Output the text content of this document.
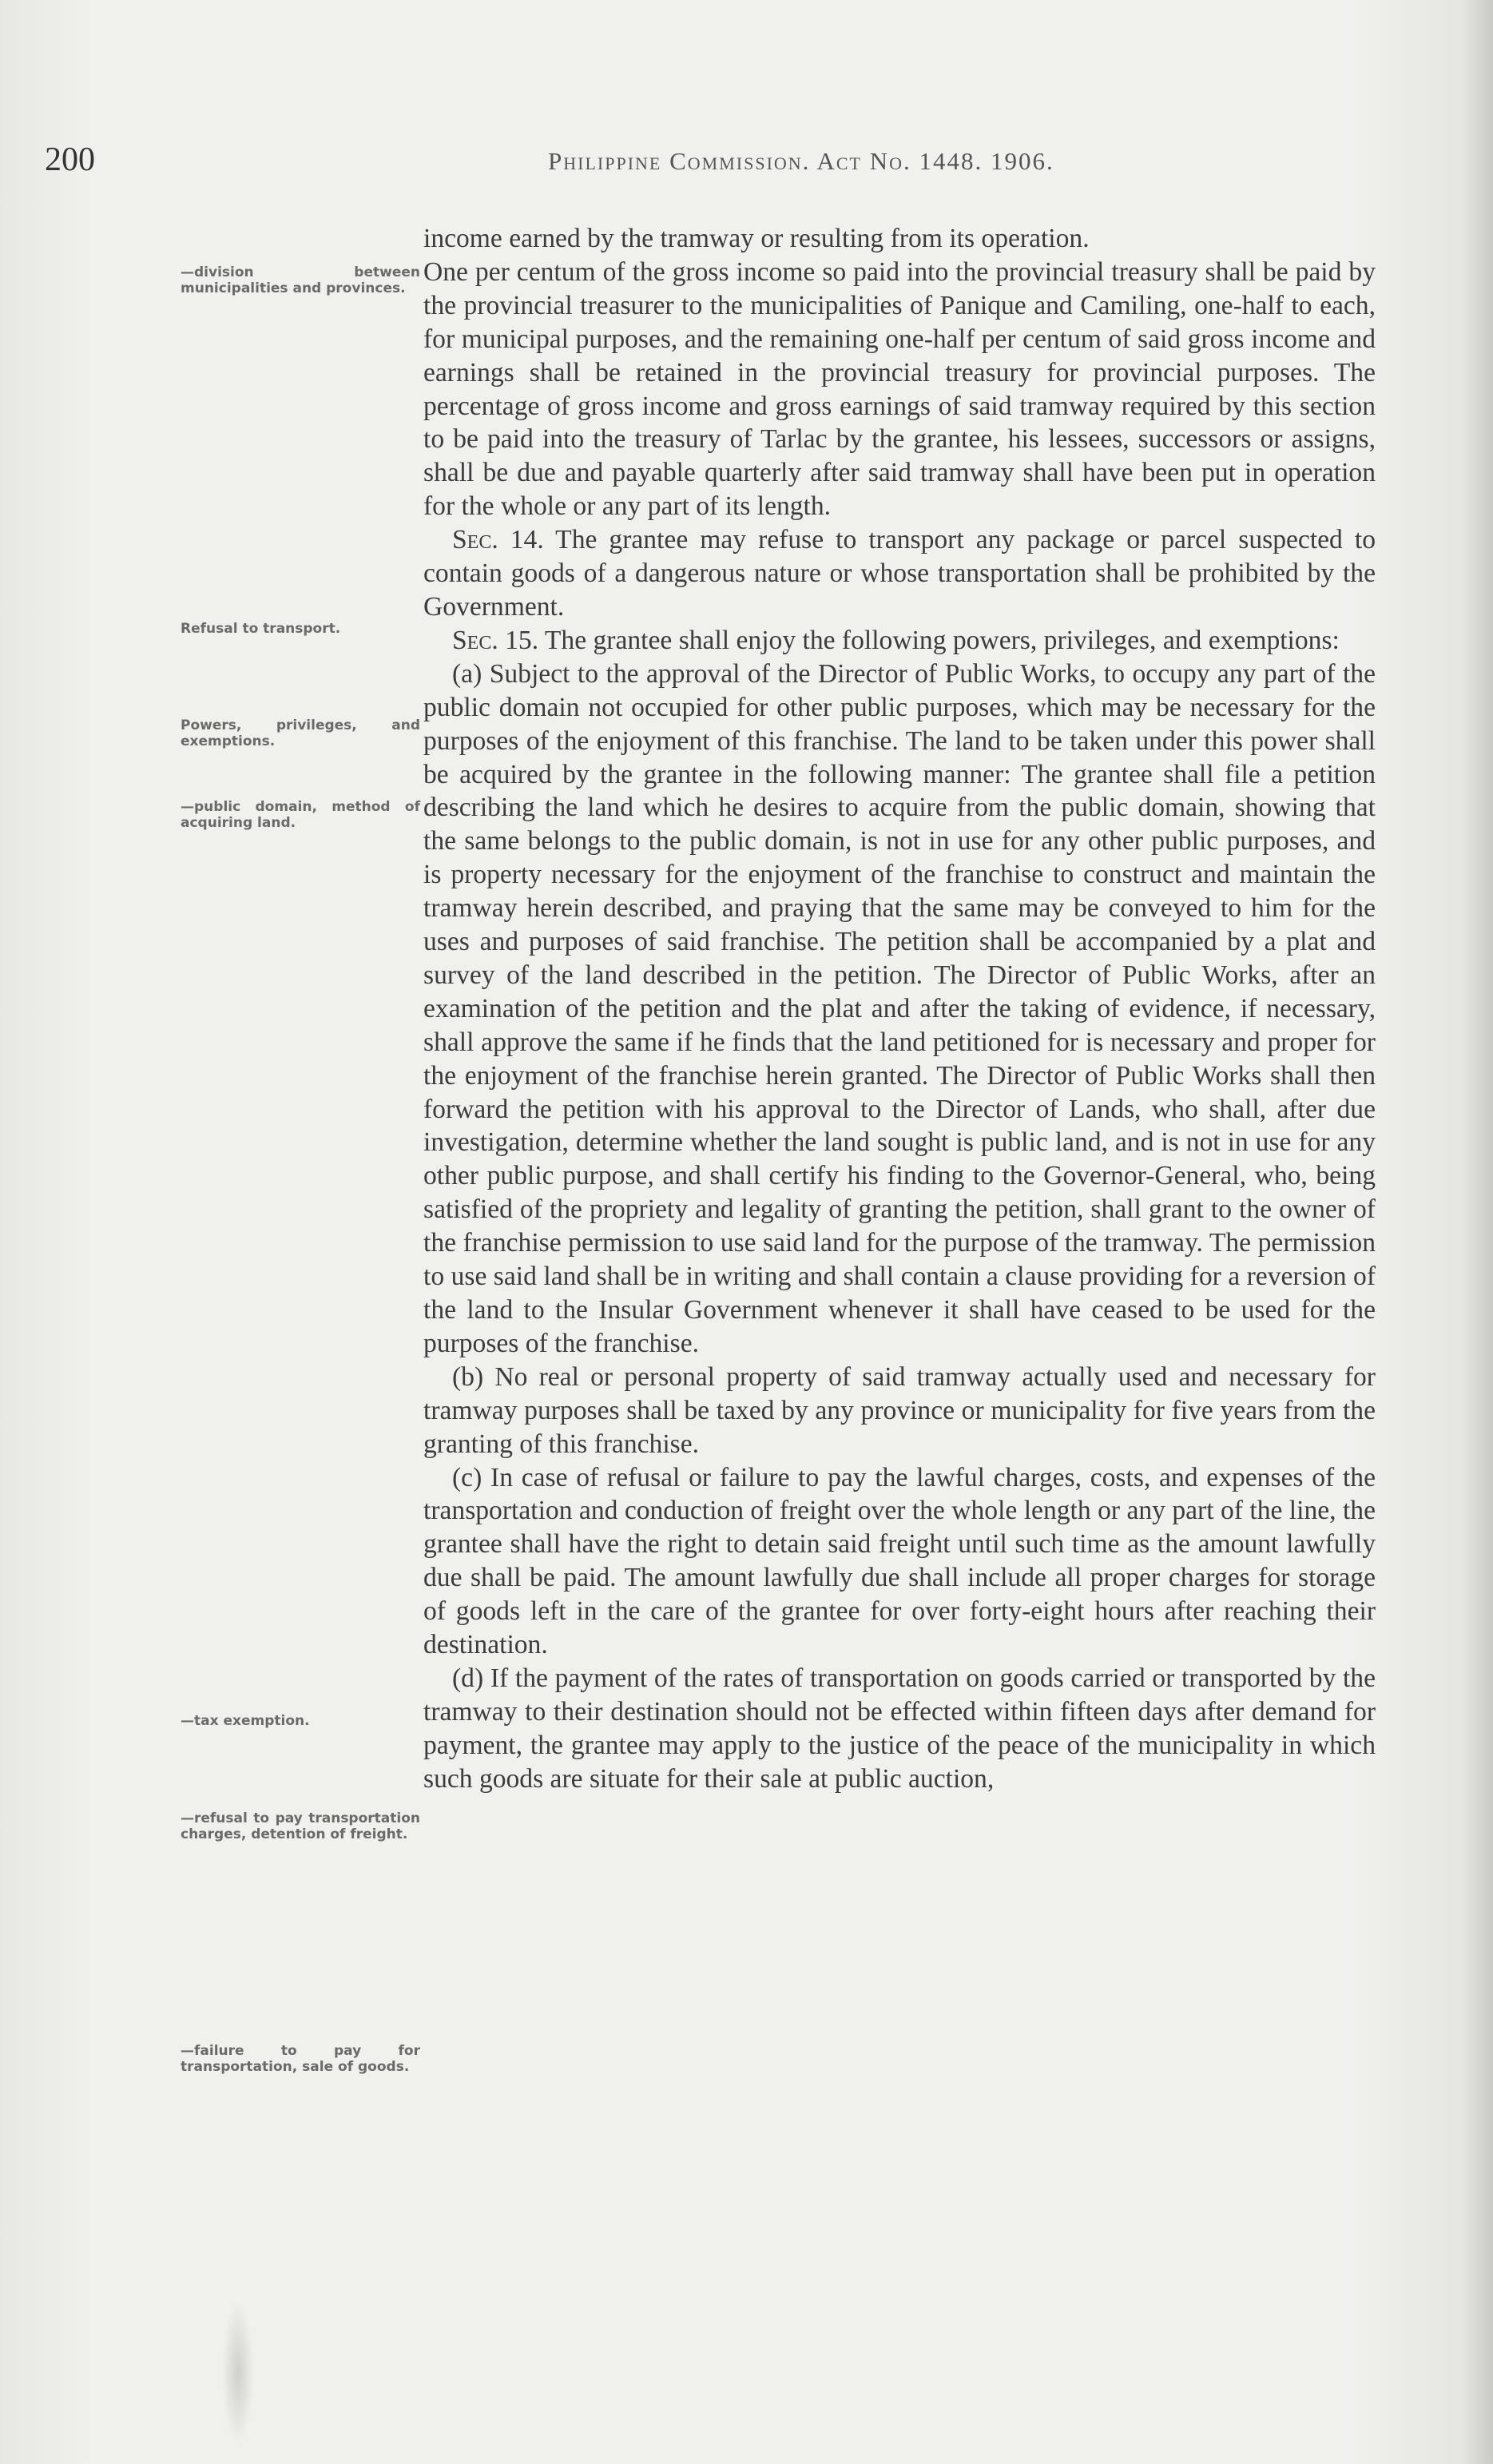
200	Philippine Commission. Act No. 1448. 1906.
—division between municipalities and provinces.
Refusal to transport.
Powers, privileges, and exemptions.
—public domain, method of acquiring land.
—tax exemption.
—refusal to pay transportation charges, detention of freight.
—failure to pay for transportation, sale of goods.

income earned by the tramway or resulting from its operation.

One per centum of the gross income so paid into the provincial treasury shall be paid by the provincial treasurer to the municipalities of Panique and Camiling, one-half to each, for municipal purposes, and the remaining one-half per centum of said gross income and earnings shall be retained in the provincial treasury for provincial purposes. The percentage of gross income and gross earnings of said tramway required by this section to be paid into the treasury of Tarlac by the grantee, his lessees, successors or assigns, shall be due and payable quarterly after said tramway shall have been put in operation for the whole or any part of its length.

Sec. 14. The grantee may refuse to transport any package or parcel suspected to contain goods of a dangerous nature or whose transportation shall be prohibited by the Government.

Sec. 15. The grantee shall enjoy the following powers, privileges, and exemptions:

(a) Subject to the approval of the Director of Public Works, to occupy any part of the public domain not occupied for other public purposes, which may be necessary for the purposes of the enjoyment of this franchise. The land to be taken under this power shall be acquired by the grantee in the following manner: The grantee shall file a petition describing the land which he desires to acquire from the public domain, showing that the same belongs to the public domain, is not in use for any other public purposes, and is property necessary for the enjoyment of the franchise to construct and maintain the tramway herein described, and praying that the same may be conveyed to him for the uses and purposes of said franchise. The petition shall be accompanied by a plat and survey of the land described in the petition. The Director of Public Works, after an examination of the petition and the plat and after the taking of evidence, if necessary, shall approve the same if he finds that the land petitioned for is necessary and proper for the enjoyment of the franchise herein granted. The Director of Public Works shall then forward the petition with his approval to the Director of Lands, who shall, after due investigation, determine whether the land sought is public land, and is not in use for any other public purpose, and shall certify his finding to the Governor-General, who, being satisfied of the propriety and legality of granting the petition, shall grant to the owner of the franchise permission to use said land for the purpose of the tramway. The permission to use said land shall be in writing and shall contain a clause providing for a reversion of the land to the Insular Government whenever it shall have ceased to be used for the purposes of the franchise.

(b) No real or personal property of said tramway actually used and necessary for tramway purposes shall be taxed by any province or municipality for five years from the granting of this franchise.

(c) In case of refusal or failure to pay the lawful charges, costs, and expenses of the transportation and conduction of freight over the whole length or any part of the line, the grantee shall have the right to detain said freight until such time as the amount lawfully due shall be paid. The amount lawfully due shall include all proper charges for storage of goods left in the care of the grantee for over forty-eight hours after reaching their destination.

(d) If the payment of the rates of transportation on goods carried or transported by the tramway to their destination should not be effected within fifteen days after demand for payment, the grantee may apply to the justice of the peace of the municipality in which such goods are situate for their sale at public auction,
